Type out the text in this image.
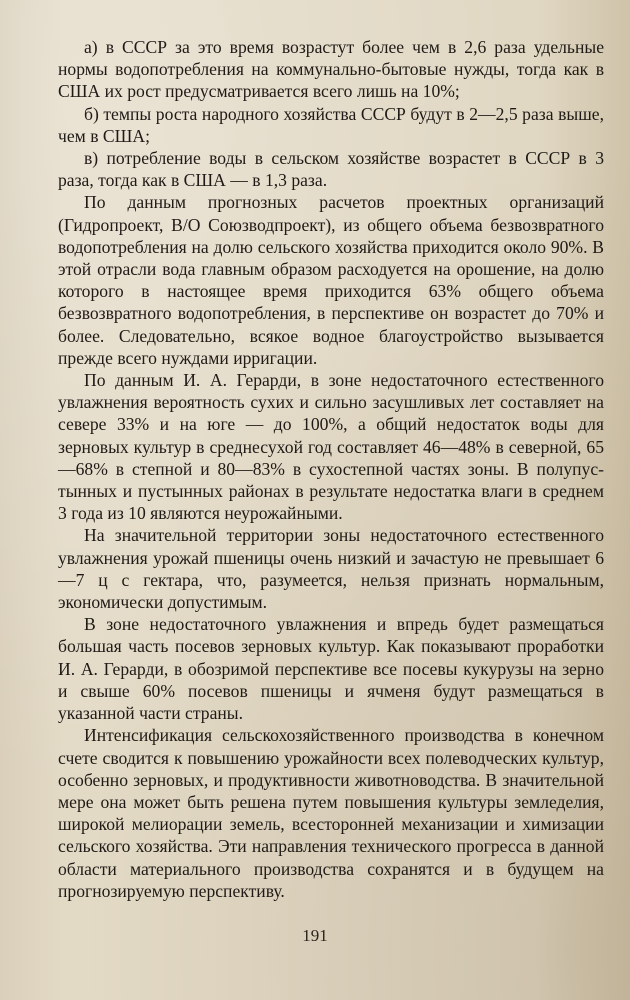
а) в СССР за это время возрастут более чем в 2,6 раза удельные нормы водопотребления на коммунально-бытовые нужды, тогда как в США их рост предусматривается всего лишь на 10%;

б) темпы роста народного хозяйства СССР будут в 2—2,5 раза выше, чем в США;

в) потребление воды в сельском хозяйстве возрастет в СССР в 3 раза, тогда как в США — в 1,3 раза.

По данным прогнозных расчетов проектных организаций (Гидропроект, В/О Союзводпроект), из общего объема безвозвратного водопотребления на долю сельского хозяйства приходится около 90%. В этой отрасли вода главным образом расходуется на орошение, на долю которого в настоящее время приходится 63% общего объема безвозвратного водопотребления, в перспективе он возрастет до 70% и более. Следовательно, всякое водное благоустройство вызывается прежде всего нуждами ирригации.

По данным И. А. Герарди, в зоне недостаточного естественного увлажнения вероятность сухих и сильно засушливых лет составляет на севере 33% и на юге — до 100%, а общий недостаток воды для зерновых культур в среднесухой год составляет 46—48% в северной, 65—68% в степной и 80—83% в сухостепной частях зоны. В полупустынных и пустынных районах в результате недостатка влаги в среднем 3 года из 10 являются неурожайными.

На значительной территории зоны недостаточного естественного увлажнения урожай пшеницы очень низкий и зачастую не превышает 6—7 ц с гектара, что, разумеется, нельзя признать нормальным, экономически допустимым.

В зоне недостаточного увлажнения и впредь будет размещаться большая часть посевов зерновых культур. Как показывают проработки И. А. Герарди, в обозримой перспективе все посевы кукурузы на зерно и свыше 60% посевов пшеницы и ячменя будут размещаться в указанной части страны.

Интенсификация сельскохозяйственного производства в конечном счете сводится к повышению урожайности всех полеводческих культур, особенно зерновых, и продуктивности животноводства. В значительной мере она может быть решена путем повышения культуры земледелия, широкой мелиорации земель, всесторонней механизации и химизации сельского хозяйства. Эти направления технического прогресса в данной области материального производства сохранятся и в будущем на прогнозируемую перспективу.

191
